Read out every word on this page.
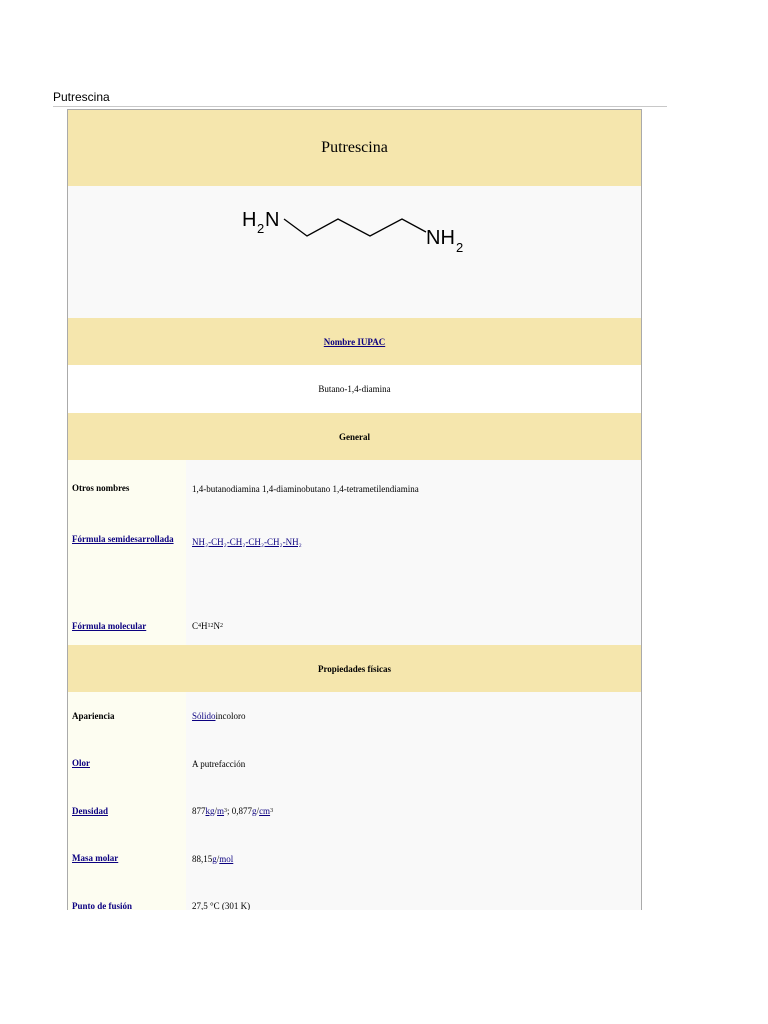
Putrescina
Putrescina
H 2 N
NH 2
Nombre IUPAC
Butano-1,4-diamina
General
Otros nombres	1,4-butanodiamina 1,4-diaminobutano 1,4-tetrametilendiamina
Fórmula semidesarrollada NH₂-CH₂-CH₂-CH₂-CH₂-NH₂
Fórmula molecular	C 4 H 12 N 2
Propiedades físicas
Apariencia	Sólido incoloro
Olor	A putrefacción
Densidad	877 kg / m 3 ; 0,877 g / cm 3
Masa molar	88,15 g / mol
Punto de fusión	27,5 °C (301 K)
